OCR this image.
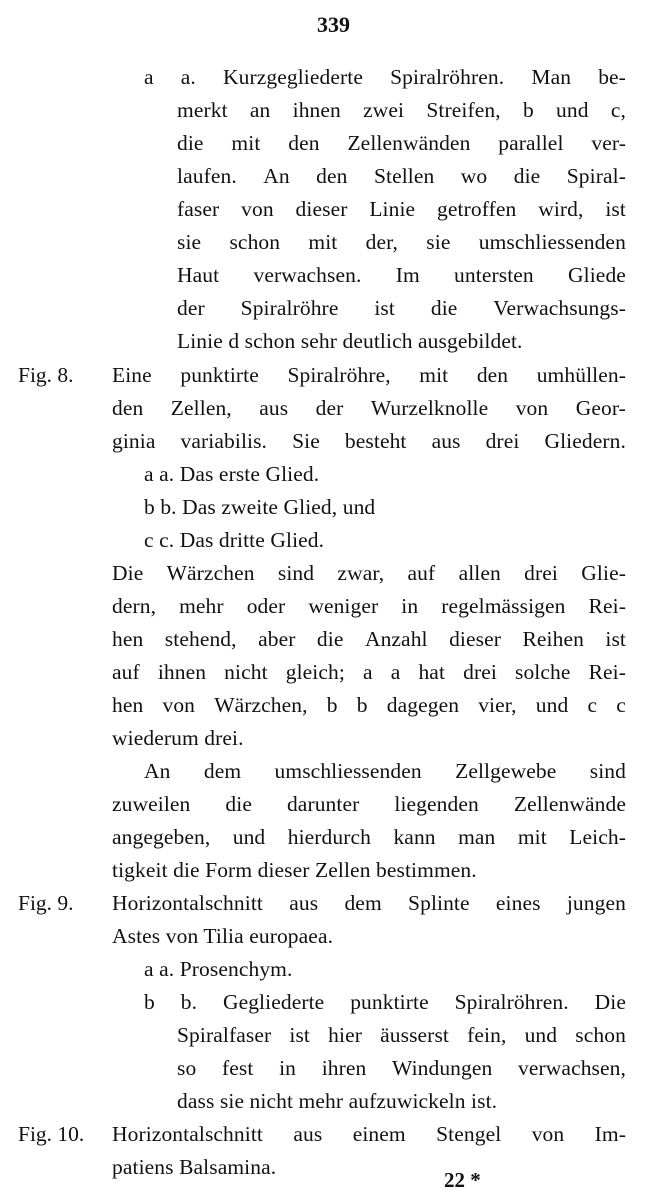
339
a a. Kurzgegliederte Spiralröhren. Man be-
merkt an ihnen zwei Streifen, b und c,
die mit den Zellenwänden parallel ver-
laufen. An den Stellen wo die Spiral-
faser von dieser Linie getroffen wird, ist
sie schon mit der, sie umschliessenden
Haut verwachsen. Im untersten Gliede
der Spiralröhre ist die Verwachsungs-
Linie d schon sehr deutlich ausgebildet.
Fig. 8. Eine punktirte Spiralröhre, mit den umhüllen-
den Zellen, aus der Wurzelknolle von Geor-
ginia variabilis. Sie besteht aus drei Gliedern.
a a. Das erste Glied.
b b. Das zweite Glied, und
c c. Das dritte Glied.
Die Wärzchen sind zwar, auf allen drei Glie-
dern, mehr oder weniger in regelmässigen Rei-
hen stehend, aber die Anzahl dieser Reihen ist
auf ihnen nicht gleich; a a hat drei solche Rei-
hen von Wärzchen, b b dagegen vier, und c c
wiederum drei.
An dem umschliessenden Zellgewebe sind
zuweilen die darunter liegenden Zellenwände
angegeben, und hierdurch kann man mit Leich-
tigkeit die Form dieser Zellen bestimmen.
Fig. 9. Horizontalschnitt aus dem Splinte eines jungen
Astes von Tilia europaea.
a a. Prosenchym.
b b. Gegliederte punktirte Spiralröhren. Die
Spiralfaser ist hier äusserst fein, und schon
so fest in ihren Windungen verwachsen,
dass sie nicht mehr aufzuwickeln ist.
Fig. 10. Horizontalschnitt aus einem Stengel von Im-
patiens Balsamina.
22 *
